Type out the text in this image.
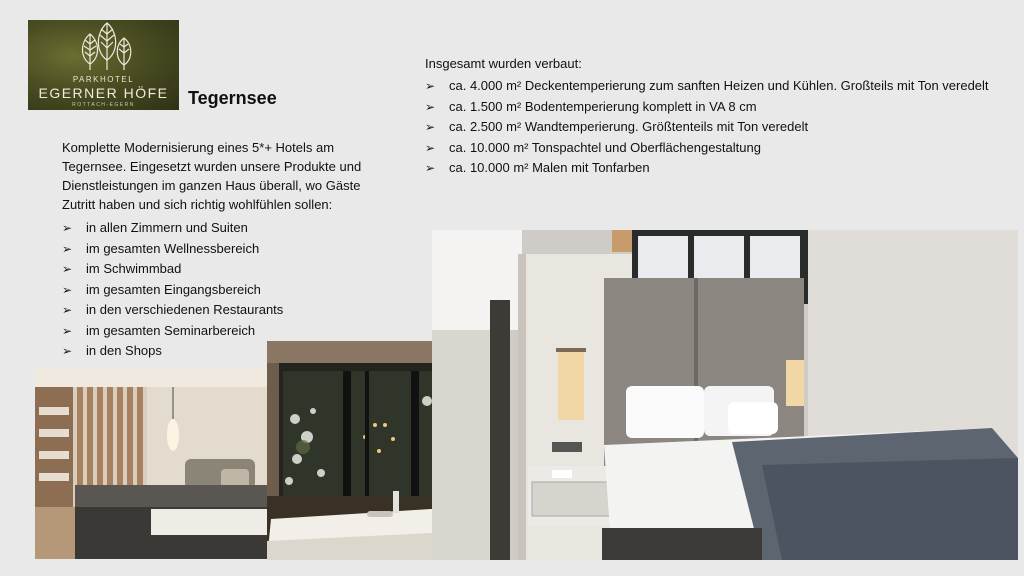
PARKHOTEL
EGERNER HÖFE
ROTTACH-EGERN	Tegernsee
Komplette Modernisierung eines 5*+ Hotels am Tegernsee. Eingesetzt wurden unsere Produkte und Dienstleistungen im ganzen Haus überall, wo Gäste Zutritt haben und sich richtig wohlfühlen sollen:
➢ in allen Zimmern und Suiten
➢ im gesamten Wellnessbereich
➢ im Schwimmbad
➢ im gesamten Eingangsbereich
➢ in den verschiedenen Restaurants
➢ im gesamten Seminarbereich
➢ in den Shops
Insgesamt wurden verbaut:
➢ ca. 4.000 m² Deckentemperierung zum sanften Heizen und Kühlen. Großteils mit Ton veredelt
➢ ca. 1.500 m² Bodentemperierung komplett in VA 8 cm
➢ ca. 2.500 m² Wandtemperierung. Größtenteils mit Ton veredelt
➢ ca. 10.000 m² Tonspachtel und Oberflächengestaltung
➢ ca. 10.000 m² Malen mit Tonfarben
